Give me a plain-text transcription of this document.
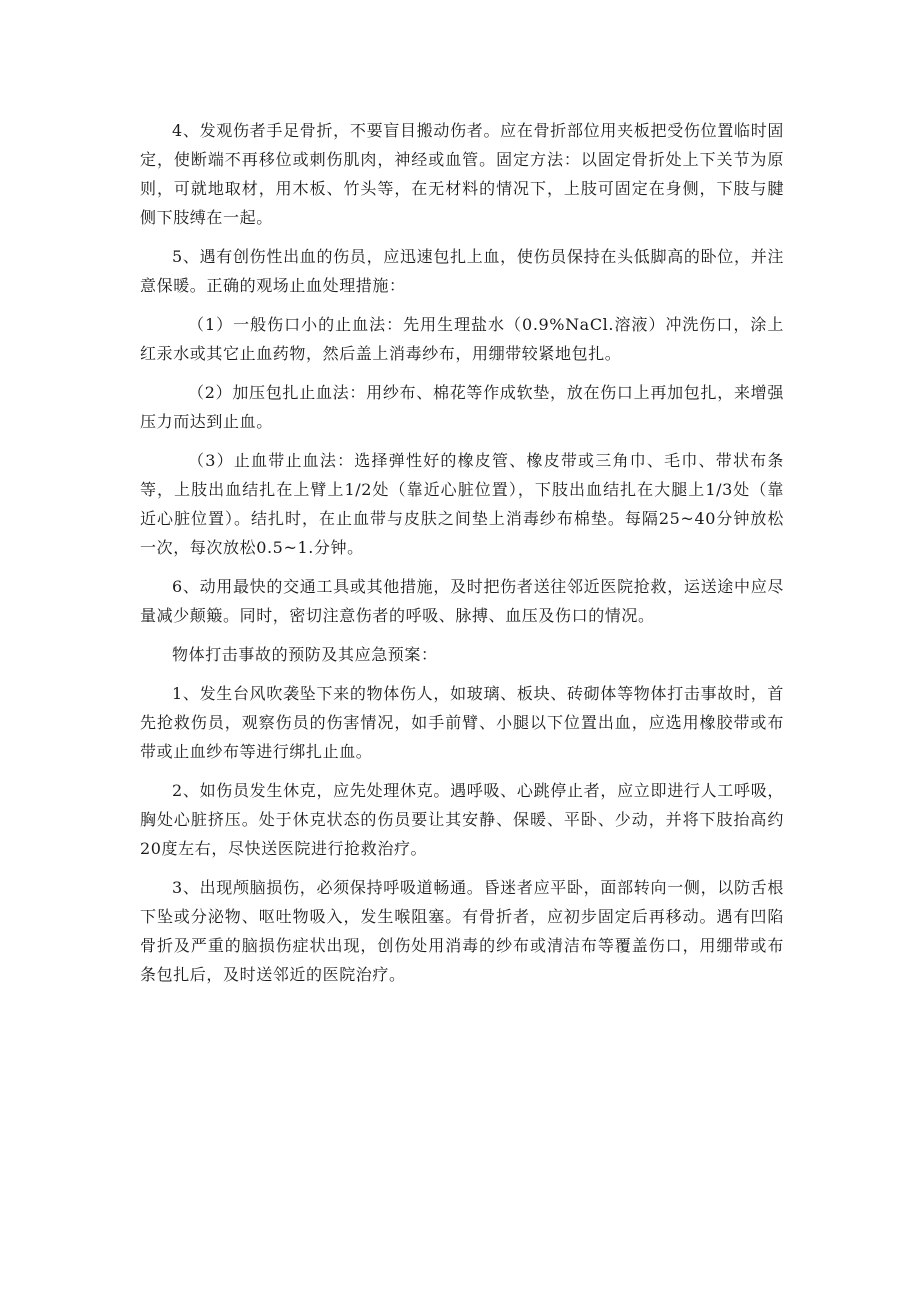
4、发观伤者手足骨折，不要盲目搬动伤者。应在骨折部位用夹板把受伤位置临时固定，使断端不再移位或刺伤肌肉，神经或血管。固定方法：以固定骨折处上下关节为原则，可就地取材，用木板、竹头等，在无材料的情况下，上肢可固定在身侧，下肢与腱侧下肢缚在一起。

5、遇有创伤性出血的伤员，应迅速包扎上血，使伤员保持在头低脚高的卧位，并注意保暖。正确的观场止血处理措施：

（1）一般伤口小的止血法：先用生理盐水（0.9%NaCl.溶液）冲洗伤口，涂上红汞水或其它止血药物，然后盖上消毒纱布，用绷带较紧地包扎。

（2）加压包扎止血法：用纱布、棉花等作成软垫，放在伤口上再加包扎，来增强压力而达到止血。

（3）止血带止血法：选择弹性好的橡皮管、橡皮带或三角巾、毛巾、带状布条等，上肢出血结扎在上臂上1/2处（靠近心脏位置），下肢出血结扎在大腿上1/3处（靠近心脏位置）。结扎时，在止血带与皮肤之间垫上消毒纱布棉垫。每隔25~40分钟放松一次，每次放松0.5~1.分钟。

6、动用最快的交通工具或其他措施，及时把伤者送往邻近医院抢救，运送途中应尽量减少颠簸。同时，密切注意伤者的呼吸、脉搏、血压及伤口的情况。

物体打击事故的预防及其应急预案：

1、发生台风吹袭坠下来的物体伤人，如玻璃、板块、砖砌体等物体打击事故时，首先抢救伤员，观察伤员的伤害情况，如手前臂、小腿以下位置出血，应选用橡胶带或布带或止血纱布等进行绑扎止血。

2、如伤员发生休克，应先处理休克。遇呼吸、心跳停止者，应立即进行人工呼吸，胸处心脏挤压。处于休克状态的伤员要让其安静、保暖、平卧、少动，并将下肢抬高约20度左右，尽快送医院进行抢救治疗。

3、出现颅脑损伤，必须保持呼吸道畅通。昏迷者应平卧，面部转向一侧，以防舌根下坠或分泌物、呕吐物吸入，发生喉阻塞。有骨折者，应初步固定后再移动。遇有凹陷骨折及严重的脑损伤症状出现，创伤处用消毒的纱布或清洁布等覆盖伤口，用绷带或布条包扎后，及时送邻近的医院治疗。
